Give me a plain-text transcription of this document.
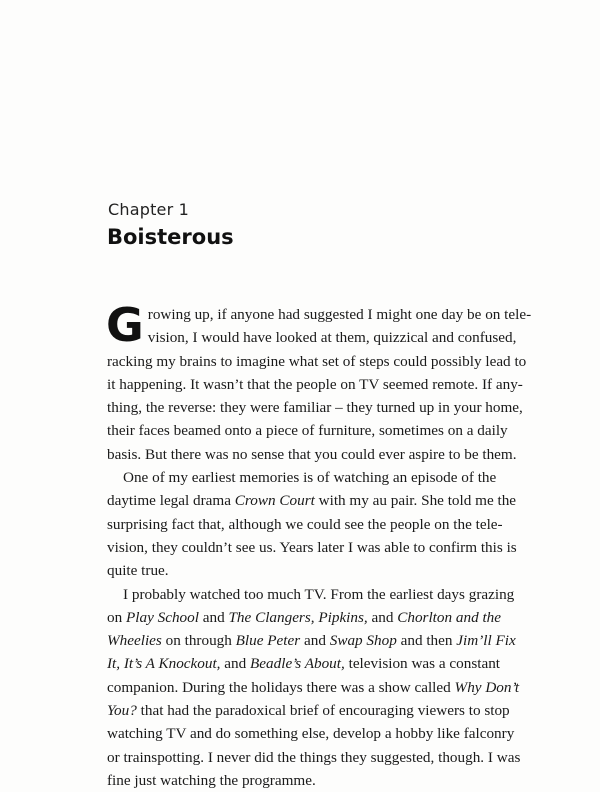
Chapter 1
Boisterous
G rowing up, if anyone had suggested I might one day be on tele-
vision, I would have looked at them, quizzical and confused,
racking my brains to imagine what set of steps could possibly lead to
it happening. It wasn’t that the people on TV seemed remote. If any-
thing, the reverse: they were familiar – they turned up in your home,
their faces beamed onto a piece of furniture, sometimes on a daily
basis. But there was no sense that you could ever aspire to be them.
One of my earliest memories is of watching an episode of the
daytime legal drama Crown Court with my au pair. She told me the
surprising fact that, although we could see the people on the tele-
vision, they couldn’t see us. Years later I was able to confirm this is
quite true.
I probably watched too much TV. From the earliest days grazing
on Play School and The Clangers, Pipkins, and Chorlton and the
Wheelies on through Blue Peter and Swap Shop and then Jim’ll Fix
It, It’s A Knockout, and Beadle’s About, television was a constant
companion. During the holidays there was a show called Why Don’t
You? that had the paradoxical brief of encouraging viewers to stop
watching TV and do something else, develop a hobby like falconry
or trainspotting. I never did the things they suggested, though. I was
fine just watching the programme.
